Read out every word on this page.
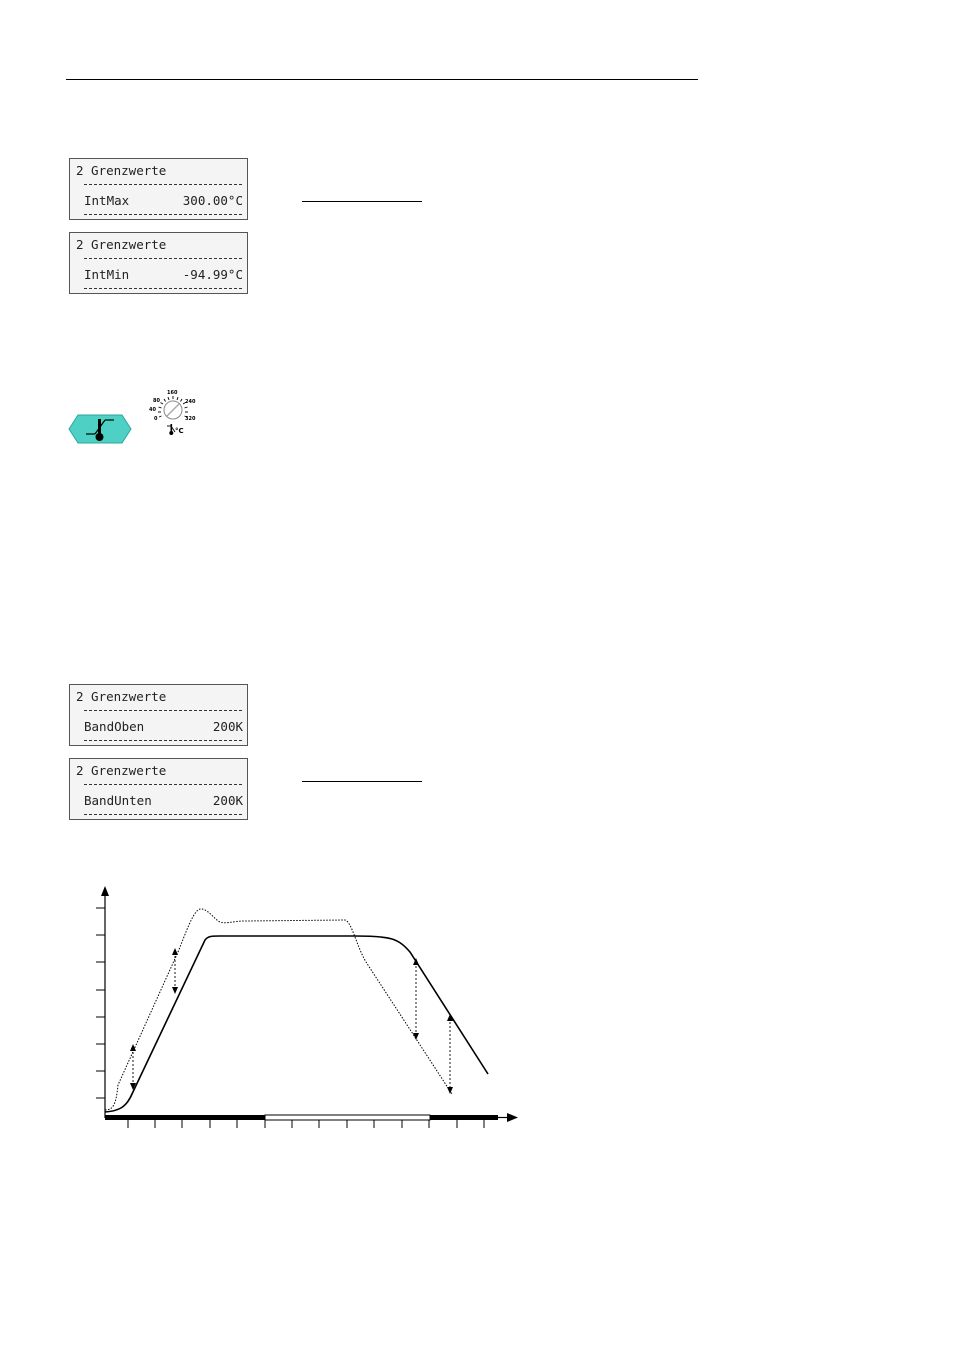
2 Grenzwerte
IntMax	300.00°C
2 Grenzwerte
IntMin	-94.99°C
160
80
40
0
240
320
°C
2 Grenzwerte
BandOben	200K
2 Grenzwerte
BandUnten	200K
